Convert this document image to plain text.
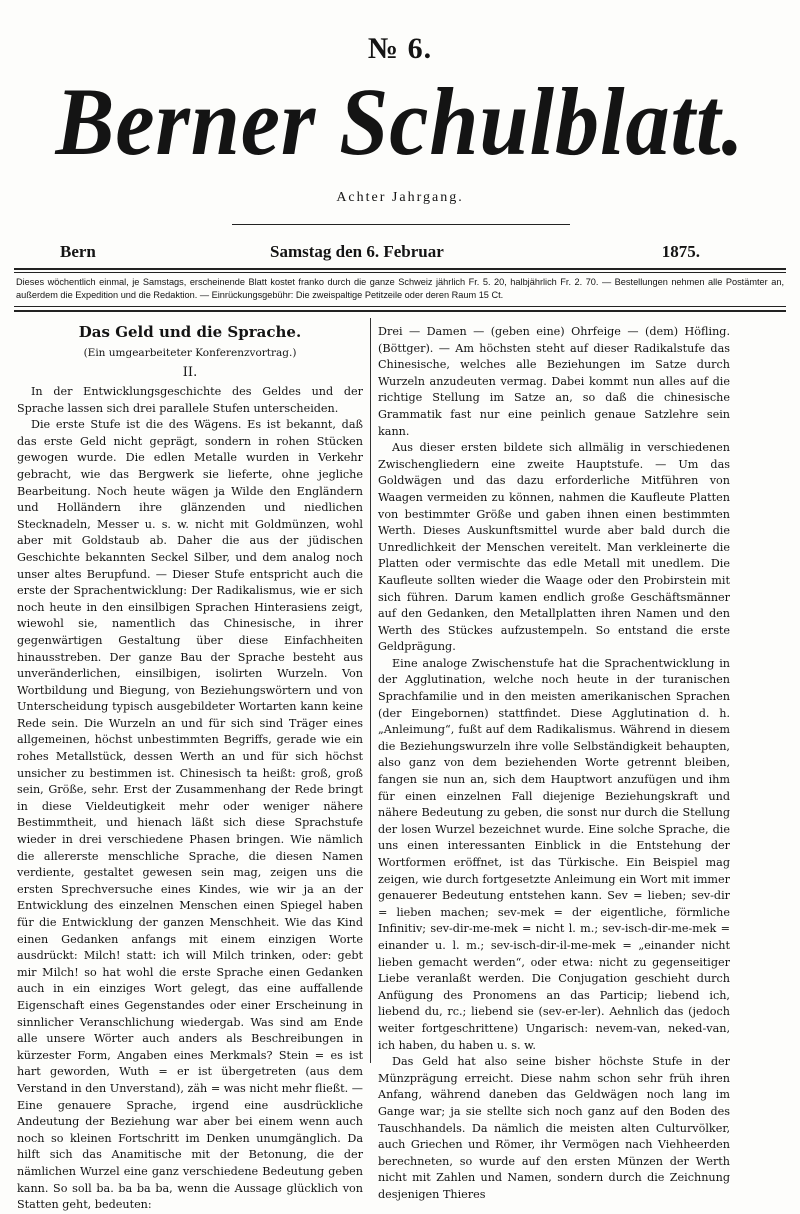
№ 6.
Berner Schulblatt.
Achter Jahrgang.
Bern	Samstag den 6. Februar	1875.
Dieses wöchentlich einmal, je Samstags, erscheinende Blatt kostet franko durch die ganze Schweiz jährlich Fr. 5. 20, halbjährlich Fr. 2. 70. — Bestellungen nehmen alle Postämter an, außerdem die Expedition und die Redaktion. — Einrückungsgebühr: Die zweispaltige Petitzeile oder deren Raum 15 Ct.
Das Geld und die Sprache.
(Ein umgearbeiteter Konferenzvortrag.)
II.

In der Entwicklungsgeschichte des Geldes und der Sprache lassen sich drei parallele Stufen unterscheiden.

Die erste Stufe ist die des Wägens. Es ist bekannt, daß das erste Geld nicht geprägt, sondern in rohen Stücken gewogen wurde. Die edlen Metalle wurden in Verkehr gebracht, wie das Bergwerk sie lieferte, ohne jegliche Bearbeitung. Noch heute wägen ja Wilde den Engländern und Holländern ihre glänzenden und niedlichen Stecknadeln, Messer u. s. w. nicht mit Goldmünzen, wohl aber mit Goldstaub ab. Daher die aus der jüdischen Geschichte bekannten Seckel Silber, und dem analog noch unser altes Berupfund. — Dieser Stufe entspricht auch die erste der Sprachentwicklung: Der Radikalismus, wie er sich noch heute in den einsilbigen Sprachen Hinterasiens zeigt, wiewohl sie, namentlich das Chinesische, in ihrer gegenwärtigen Gestaltung über diese Einfachheiten hinausstreben. Der ganze Bau der Sprache besteht aus unveränderlichen, einsilbigen, isolirten Wurzeln. Von Wortbildung und Biegung, von Beziehungswörtern und von Unterscheidung typisch ausgebildeter Wortarten kann keine Rede sein. Die Wurzeln an und für sich sind Träger eines allgemeinen, höchst unbestimmten Begriffs, gerade wie ein rohes Metallstück, dessen Werth an und für sich höchst unsicher zu bestimmen ist. Chinesisch ta heißt: groß, groß sein, Größe, sehr. Erst der Zusammenhang der Rede bringt in diese Vieldeutigkeit mehr oder weniger nähere Bestimmtheit, und hienach läßt sich diese Sprachstufe wieder in drei verschiedene Phasen bringen. Wie nämlich die allererste menschliche Sprache, die diesen Namen verdiente, gestaltet gewesen sein mag, zeigen uns die ersten Sprechversuche eines Kindes, wie wir ja an der Entwicklung des einzelnen Menschen einen Spiegel haben für die Entwicklung der ganzen Menschheit. Wie das Kind einen Gedanken anfangs mit einem einzigen Worte ausdrückt: Milch! statt: ich will Milch trinken, oder: gebt mir Milch! so hat wohl die erste Sprache einen Gedanken auch in ein einziges Wort gelegt, das eine auffallende Eigenschaft eines Gegenstandes oder einer Erscheinung in sinnlicher Veranschlichung wiedergab. Was sind am Ende alle unsere Wörter auch anders als Beschreibungen in kürzester Form, Angaben eines Merkmals? Stein = es ist hart geworden, Wuth = er ist übergetreten (aus dem Verstand in den Unverstand), zäh = was nicht mehr fließt. — Eine genauere Sprache, irgend eine ausdrückliche Andeutung der Beziehung war aber bei einem wenn auch noch so kleinen Fortschritt im Denken unumgänglich. Da hilft sich das Anamitische mit der Betonung, die der nämlichen Wurzel eine ganz verschiedene Bedeutung geben kann. So soll ba. ba ba ba, wenn die Aussage glücklich von Statten geht, bedeuten:

Drei — Damen — (geben eine) Ohrfeige — (dem) Höfling. (Böttger). — Am höchsten steht auf dieser Radikalstufe das Chinesische, welches alle Beziehungen im Satze durch Wurzeln anzudeuten vermag. Dabei kommt nun alles auf die richtige Stellung im Satze an, so daß die chinesische Grammatik fast nur eine peinlich genaue Satzlehre sein kann.

Aus dieser ersten bildete sich allmälig in verschiedenen Zwischengliedern eine zweite Hauptstufe. — Um das Goldwägen und das dazu erforderliche Mitführen von Waagen vermeiden zu können, nahmen die Kaufleute Platten von bestimmter Größe und gaben ihnen einen bestimmten Werth. Dieses Auskunftsmittel wurde aber bald durch die Unredlichkeit der Menschen vereitelt. Man verkleinerte die Platten oder vermischte das edle Metall mit unedlem. Die Kaufleute sollten wieder die Waage oder den Probirstein mit sich führen. Darum kamen endlich große Geschäftsmänner auf den Gedanken, den Metallplatten ihren Namen und den Werth des Stückes aufzustempeln. So entstand die erste Geldprägung.

Eine analoge Zwischenstufe hat die Sprachentwicklung in der Agglutination, welche noch heute in der turanischen Sprachfamilie und in den meisten amerikanischen Sprachen (der Eingebornen) stattfindet. Diese Agglutination d. h. „Anleimung“, fußt auf dem Radikalismus. Während in diesem die Beziehungswurzeln ihre volle Selbständigkeit behaupten, also ganz von dem beziehenden Worte getrennt bleiben, fangen sie nun an, sich dem Hauptwort anzufügen und ihm für einen einzelnen Fall diejenige Beziehungskraft und nähere Bedeutung zu geben, die sonst nur durch die Stellung der losen Wurzel bezeichnet wurde. Eine solche Sprache, die uns einen interessanten Einblick in die Entstehung der Wortformen eröffnet, ist das Türkische. Ein Beispiel mag zeigen, wie durch fortgesetzte Anleimung ein Wort mit immer genauerer Bedeutung entstehen kann. Sev = lieben; sev-dir = lieben machen; sev-mek = der eigentliche, förmliche Infinitiv; sev-dir-me-mek = nicht l. m.; sev-isch-dir-me-mek = einander u. l. m.; sev-isch-dir-il-me-mek = „einander nicht lieben gemacht werden“, oder etwa: nicht zu gegenseitiger Liebe veranlaßt werden. Die Conjugation geschieht durch Anfügung des Pronomens an das Particip; liebend ich, liebend du, rc.; liebend sie (sev-er-ler). Aehnlich das (jedoch weiter fortgeschrittene) Ungarisch: nevem-van, neked-van, ich haben, du haben u. s. w.

Das Geld hat also seine bisher höchste Stufe in der Münzprägung erreicht. Diese nahm schon sehr früh ihren Anfang, während daneben das Geldwägen noch lang im Gange war; ja sie stellte sich noch ganz auf den Boden des Tauschhandels. Da nämlich die meisten alten Culturvölker, auch Griechen und Römer, ihr Vermögen nach Viehheerden berechneten, so wurde auf den ersten Münzen der Werth nicht mit Zahlen und Namen, sondern durch die Zeichnung desjenigen Thieres
